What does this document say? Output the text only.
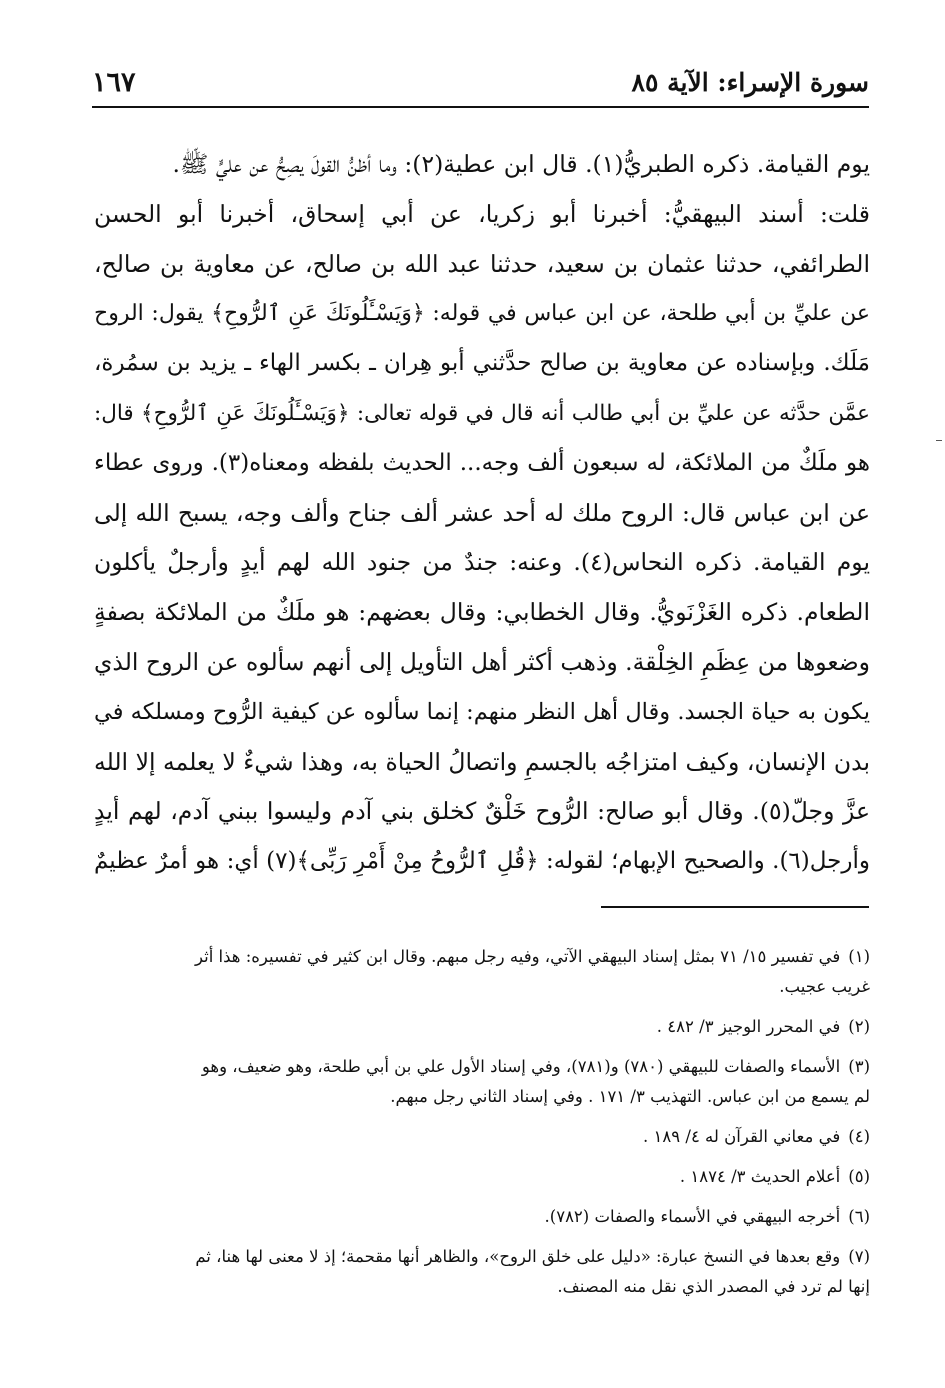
سورة الإسراء: الآية ٨٥
١٦٧
يوم القيامة. ذكره الطبريُّ(١). قال ابن عطية(٢): وما أظنُّ القولَ يصِحُّ عن عليٍّ ﷺ.
قلت: أسند البيهقيُّ: أخبرنا أبو زكريا، عن أبي إسحاق، أخبرنا أبو الحسن
الطرائفي، حدثنا عثمان بن سعيد، حدثنا عبد الله بن صالح، عن معاوية بن صالح،
عن عليِّ بن أبي طلحة، عن ابن عباس في قوله: ﴿وَيَسْـَٔلُونَكَ عَنِ ٱلرُّوحِ﴾ يقول: الروح
مَلَك. وبإسناده عن معاوية بن صالح حدَّثني أبو هِران ـ بكسر الهاء ـ يزيد بن سمُرة،
عمَّن حدَّثه عن عليِّ بن أبي طالب أنه قال في قوله تعالى: ﴿وَيَسْـَٔلُونَكَ عَنِ ٱلرُّوحِ﴾ قال:
هو ملَكٌ من الملائكة، له سبعون ألف وجه... الحديث بلفظه ومعناه(٣). وروى عطاء
عن ابن عباس قال: الروح ملك له أحد عشر ألف جناح وألف وجه، يسبح الله إلى
يوم القيامة. ذكره النحاس(٤). وعنه: جندٌ من جنود الله لهم أيدٍ وأرجلٌ يأكلون
الطعام. ذكره الغَزْنَويُّ. وقال الخطابي: وقال بعضهم: هو ملَكٌ من الملائكة بصفةٍ
وضعوها من عِظَمِ الخِلْقة. وذهب أكثر أهل التأويل إلى أنهم سألوه عن الروح الذي
يكون به حياة الجسد. وقال أهل النظر منهم: إنما سألوه عن كيفية الرُّوح ومسلكه في
بدن الإنسان، وكيف امتزاجُه بالجسمِ واتصالُ الحياة به، وهذا شيءٌ لا يعلمه إلا الله
عزَّ وجلّ(٥). وقال أبو صالح: الرُّوح خَلْقٌ كخلق بني آدم وليسوا ببني آدم، لهم أيدٍ
وأرجل(٦). والصحيح الإبهام؛ لقوله: ﴿قُلِ ٱلرُّوحُ مِنْ أَمْرِ رَبِّى﴾(٧) أي: هو أمرٌ عظيمٌ
(١)في تفسير ١٥/ ٧١ بمثل إسناد البيهقي الآتي، وفيه رجل مبهم. وقال ابن كثير في تفسيره: هذا أثر
غريب عجيب.
(٢)في المحرر الوجيز ٣/ ٤٨٢ .
(٣)الأسماء والصفات للبيهقي (٧٨٠) و(٧٨١)، وفي إسناد الأول علي بن أبي طلحة، وهو ضعيف، وهو
لم يسمع من ابن عباس. التهذيب ٣/ ١٧١ . وفي إسناد الثاني رجل مبهم.
(٤)في معاني القرآن له ٤/ ١٨٩ .
(٥)أعلام الحديث ٣/ ١٨٧٤ .
(٦)أخرجه البيهقي في الأسماء والصفات (٧٨٢).
(٧)وقع بعدها في النسخ عبارة: «دليل على خلق الروح»، والظاهر أنها مقحمة؛ إذ لا معنى لها هنا، ثم
إنها لم ترد في المصدر الذي نقل منه المصنف.
